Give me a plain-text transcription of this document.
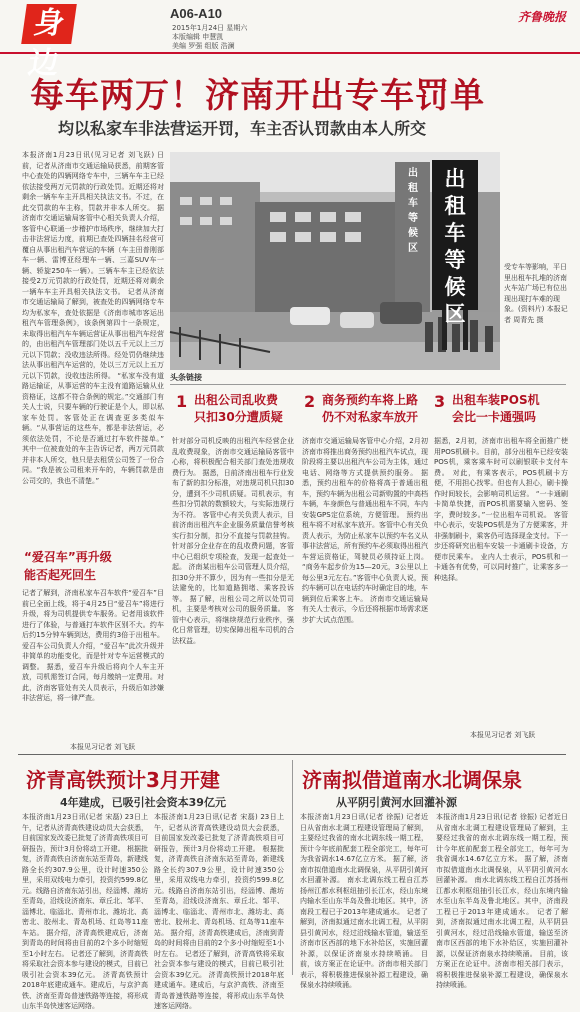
身边
A06-A10
2015年1月24日 星期六
本版编辑 申慧凯
美编 罗强 组版 浩澜
齐鲁晚报
每车两万！济南开出专车罚单
均以私家车非法营运开罚，车主否认罚款由本人所交
本报济南1月23日讯(见习记者 刘飞跃) 日前，记者从济南市交通运输局获悉，前期客管中心查处的四辆网络专车中，三辆车车主已经依法接受两万元罚款的行政处罚。近期还将对剩余一辆车车主开具相关执法文书。不过，在此交罚款的车主称，罚款并非本人所交。 据济南市交通运输局客管中心相关负责人介绍，客管中心联通一步稽护市场秩序，继续加大打击非法营运力度，前期已查处四辆挂名经营可覆自从事出租汽车营运的车辆（车主田普刚部车一辆、雷博亚经理车一辆、三嘉SUV车一辆、轿旋250车一辆）。三辆车车主已经依法接受2万元罚款的行政处罚，近期还将对剩余一辆车车主开具相关执法文书。 记者从济南市交通运输局了解到，被查处的四辆网络专车均为私家车，查处依据是《济南市城市客运出租汽车管理条例》，该条例第四十一条规定，未取得出租汽车车辆运营证从事出租汽车经营的，由出租汽车管理部门处以五千元以上三万元以下罚款；没收违法所得。经处罚仍继续违法从事出租汽车运营的，处以三万元以上五万元以下罚款，没收违法所得。 “私家车没有道路运输证，从事运营的车主没有道路运输从业资格证，这都不符合条例的规定。”交通部门有关人士说，只要车辆的行驶证是个人，即以私家车处罚。客管处正在调查更多类似车辆。“从事营运的这些车，都是非法营运，必须依法处罚，不论是否通过打车软件接单。” 其中一位被查处的车主告诉记者，两万元罚款并非本人所交，他只是去租赁公司签了一份合同。“我是被公司租来开车的，车辆罚款是由公司交的，我也不清楚。”
出租车等候区
出租车等候区
受专车等影响，平日里出租车扎堆的济南火车站广场已有位出现出现打车难的现象。(资料片) 本报记者 周青先 摄
头条链接
1 出租公司乱收费
只扣30分遭质疑
针对部分司机反映的出租汽车经营企业乱收费现象，济南市交通运输局客管中心称，将积极配合相关部门查处违规收费行为。 据悉，日前济南出租车行业发布了新的扣分标准，对违规司机只扣30分，遭到不少司机质疑。司机表示，有些扣分罚款的数额较大，与实际违规行为不符。 客管中心有关负责人表示，目前济南出租汽车企业服务质量信誉考核实行扣分制，扣分不直接与罚款挂钩。针对部分企业存在的乱收费问题，客管中心已组织专项检查，发现一起查处一起。 济南某出租车公司管理人员介绍，扣30分并不算少，因为有一些扣分是无法避免的，比如道路拥堵、乘客投诉等。 据了解，出租公司之所以处罚司机，主要是考核对公司的服务质量。 客管中心表示，将继续规范行业秩序，强化日常管理，切实保障出租车司机的合法权益。
2 商务预约车将上路
仍不对私家车放开
济南市交通运输局客管中心介绍，2月初济南市将推出商务预约出租汽车试点，现阶段将主要以出租汽车公司为主体，通过电话、网络等方式提供预约服务。 据悉，预约出租车的价格将高于普通出租车，预约车辆为出租公司新购置的中高档车辆，车身颜色与普通出租车不同，车内安装GPS定位系统，方便管理。 预约出租车将不对私家车放开。客管中心有关负责人表示，为防止私家车以预约车名义从事非法营运，所有预约车必须取得出租汽车营运资格证，驾驶员必须持证上岗。 “商务车起步价为15—20元，3公里以上每公里3元左右。”客管中心负责人说，预约车辆可以在电话约车时确定目的地，车辆到位后乘客上车。 济南市交通运输局有关人士表示，今后还将根据市场需求逐步扩大试点范围。
3 出租车装POS机
会比一卡通强吗
据悉，2月初，济南市出租车将全面推广使用POS机刷卡。目前，部分出租车已经安装POS机，乘客乘车时可以刷银联卡支付车费。 对此，有乘客表示，POS机刷卡方便，不用担心找零。但也有人担心，刷卡操作时间较长，会影响司机运营。 “一卡通刷卡简单快捷，而POS机需要输入密码、签字，费时较多。”一位出租车司机说。 客管中心表示，安装POS机是为了方便乘客，并非强制刷卡，乘客仍可选择现金支付。下一步还将研究出租车安装一卡通刷卡设备，方便市民乘车。 业内人士表示，POS机和一卡通各有优势，可以同时推广，让乘客多一种选择。
本报见习记者 刘飞跃
“爱召车”再升级
能否起死回生
记者了解到，济南私家车召车软件“爱召车”目前已全面上线，将于4月25日“爱召车”将进行升级，将为司机提供专车服务。记者用该软件进行了体验，与普通打车软件区别不大。约车后约15分钟车辆到达，费用约3倍于出租车。 爱召车公司负责人介绍，“爱召车”此次升级并非简单的功能变化，而是针对专车运营模式的调整。 据悉，爱召车升级后将向个人车主开放，司机需签订合同，每月缴纳一定费用。对此，济南客管处有关人员表示，升级后如涉嫌非法营运，将一律严查。
本报见习记者 刘飞跃
济青高铁预计3月开建
4年建成，已吸引社会资本39亿元
本报济南1月23日讯(记者 宋磊) 23日上午，记者从济青高铁建设动员大会获悉，目前国家发改委已批复了济青高铁项目可研报告，预计3月份将动工开建。 根据批复，济青高铁自济南东站至青岛，新建线路全长约307.9公里，设计时速350公里，采用双线电力牵引，投资约599.8亿元。线路自济南东站引出，经淄博、潍坊至青岛，沿线设济南东、章丘北、邹平、淄博北、临淄北、青州市北、潍坊北、高密北、胶州北、青岛机场、红岛等11座车站。 据介绍，济青高铁建成后，济南到青岛的时间将由目前的2个多小时缩短至1小时左右。 记者还了解到，济青高铁将采取社会资本参与建设的模式，目前已吸引社会资本39亿元。 济青高铁预计2018年底建成通车。建成后，与京沪高铁、济南至青岛普速铁路等连接，将形成山东半岛快速客运网络。
本报济南1月23日讯(记者 宋磊) 23日上午，记者从济青高铁建设动员大会获悉，目前国家发改委已批复了济青高铁项目可研报告，预计3月份将动工开建。 根据批复，济青高铁自济南东站至青岛，新建线路全长约307.9公里，设计时速350公里，采用双线电力牵引，投资约599.8亿元。线路自济南东站引出，经淄博、潍坊至青岛，沿线设济南东、章丘北、邹平、淄博北、临淄北、青州市北、潍坊北、高密北、胶州北、青岛机场、红岛等11座车站。 据介绍，济青高铁建成后，济南到青岛的时间将由目前的2个多小时缩短至1小时左右。 记者还了解到，济青高铁将采取社会资本参与建设的模式，目前已吸引社会资本39亿元。 济青高铁预计2018年底建成通车。建成后，与京沪高铁、济南至青岛普速铁路等连接，将形成山东半岛快速客运网络。
济南拟借道南水北调保泉
从平阴引黄河水回灌补源
本报济南1月23日讯(记者 徐振) 记者近日从省南水北调工程建设管理局了解到，主要经过我省的南水北调东线一期工程，预计今年底前配套工程全部完工，每年可为我省调水14.67亿立方米。 据了解，济南市拟借道南水北调保泉，从平阴引黄河水回灌补源。 南水北调东线工程自江苏扬州江都水利枢纽抽引长江水，经山东境内输水至山东半岛及鲁北地区。其中，济南段工程已于2013年建成通水。 记者了解到，济南拟通过南水北调工程，从平阴县引黄河水，经过沿线输水管道，输送至济南市区西部的地下水补给区，实施回灌补源，以保证济南泉水持续喷涌。 目前，该方案正在论证中。济南市相关部门表示，将积极推进保泉补源工程建设，确保泉水持续喷涌。
本报济南1月23日讯(记者 徐振) 记者近日从省南水北调工程建设管理局了解到，主要经过我省的南水北调东线一期工程，预计今年底前配套工程全部完工，每年可为我省调水14.67亿立方米。 据了解，济南市拟借道南水北调保泉，从平阴引黄河水回灌补源。 南水北调东线工程自江苏扬州江都水利枢纽抽引长江水，经山东境内输水至山东半岛及鲁北地区。其中，济南段工程已于2013年建成通水。 记者了解到，济南拟通过南水北调工程，从平阴县引黄河水，经过沿线输水管道，输送至济南市区西部的地下水补给区，实施回灌补源，以保证济南泉水持续喷涌。 目前，该方案正在论证中。济南市相关部门表示，将积极推进保泉补源工程建设，确保泉水持续喷涌。
